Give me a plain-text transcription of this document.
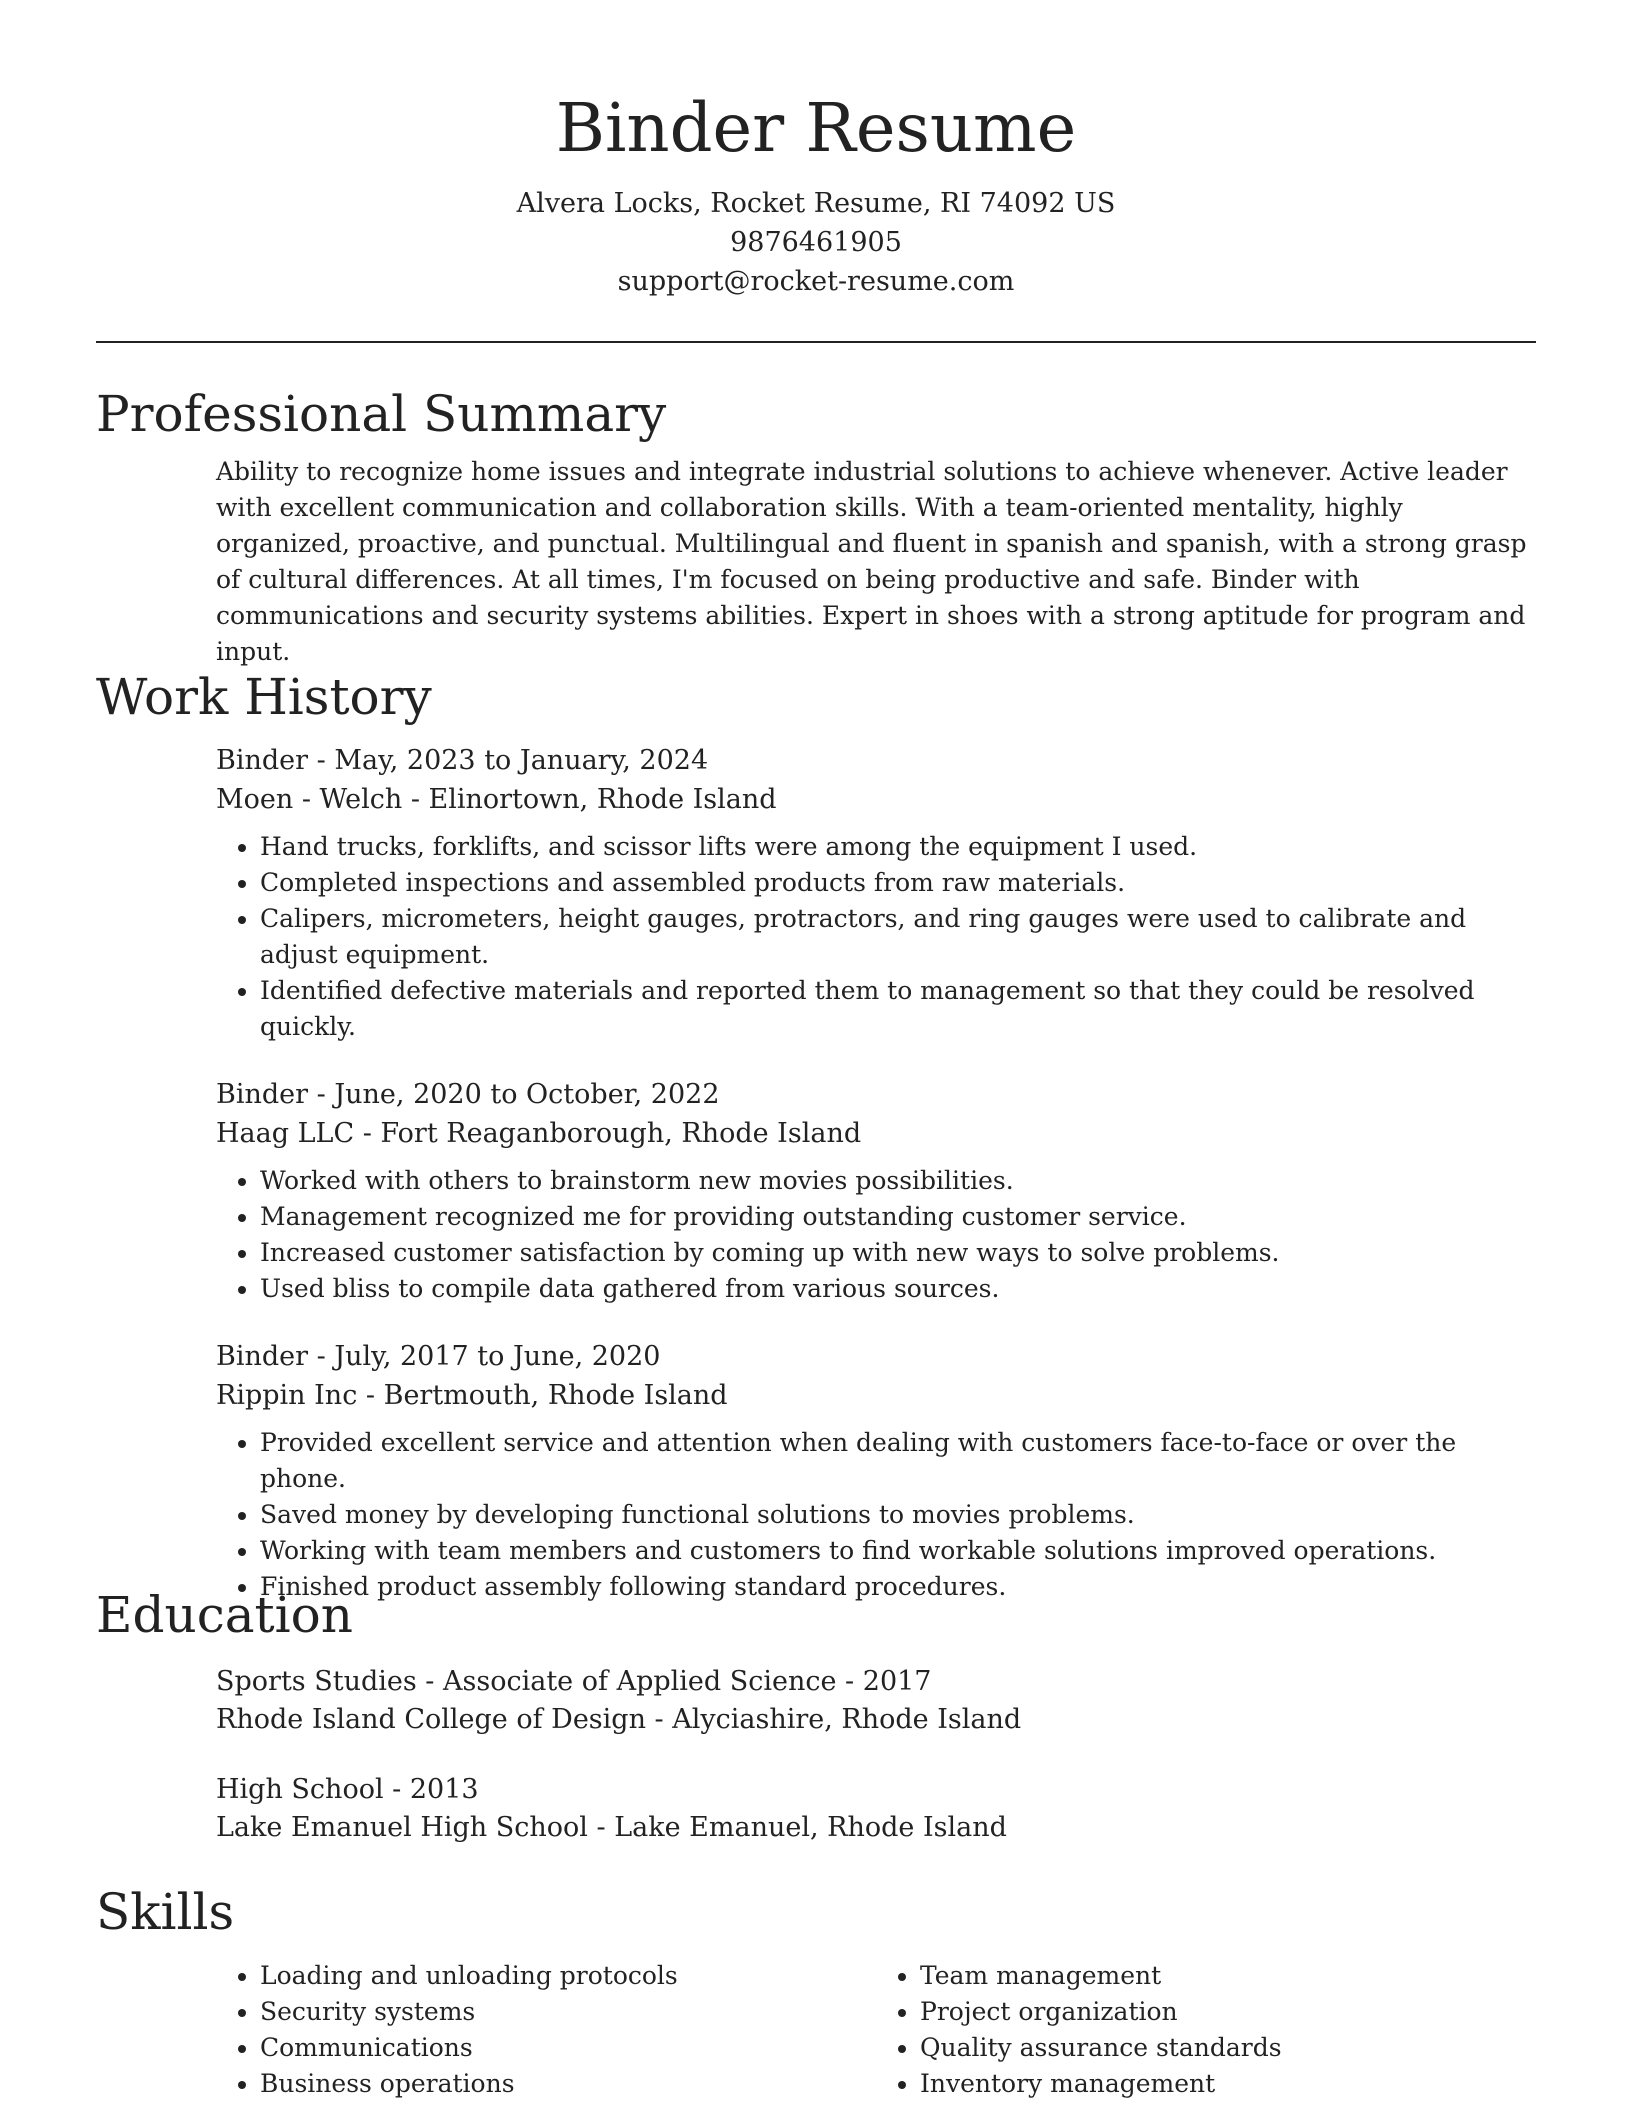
Binder Resume

Alvera Locks, Rocket Resume, RI 74092 US

9876461905

support@rocket-resume.com

Professional Summary

Ability to recognize home issues and integrate industrial solutions to achieve whenever. Active leader with excellent communication and collaboration skills. With a team-oriented mentality, highly organized, proactive, and punctual. Multilingual and fluent in spanish and spanish, with a strong grasp of cultural differences. At all times, I'm focused on being productive and safe. Binder with communications and security systems abilities. Expert in shoes with a strong aptitude for program and input.

Work History

Binder - May, 2023 to January, 2024

Moen - Welch - Elinortown, Rhode Island

• Hand trucks, forklifts, and scissor lifts were among the equipment I used.
• Completed inspections and assembled products from raw materials.
• Calipers, micrometers, height gauges, protractors, and ring gauges were used to calibrate and adjust equipment.
• Identified defective materials and reported them to management so that they could be resolved quickly.

Binder - June, 2020 to October, 2022

Haag LLC - Fort Reaganborough, Rhode Island

• Worked with others to brainstorm new movies possibilities.
• Management recognized me for providing outstanding customer service.
• Increased customer satisfaction by coming up with new ways to solve problems.
• Used bliss to compile data gathered from various sources.

Binder - July, 2017 to June, 2020

Rippin Inc - Bertmouth, Rhode Island

• Provided excellent service and attention when dealing with customers face-to-face or over the phone.
• Saved money by developing functional solutions to movies problems.
• Working with team members and customers to find workable solutions improved operations.
• Finished product assembly following standard procedures.
Education

Sports Studies - Associate of Applied Science - 2017

Rhode Island College of Design - Alyciashire, Rhode Island

High School - 2013

Lake Emanuel High School - Lake Emanuel, Rhode Island

Skills
• Loading and unloading protocols
• Security systems
• Communications
• Business operations
• Team management
• Project organization
• Quality assurance standards
• Inventory management
